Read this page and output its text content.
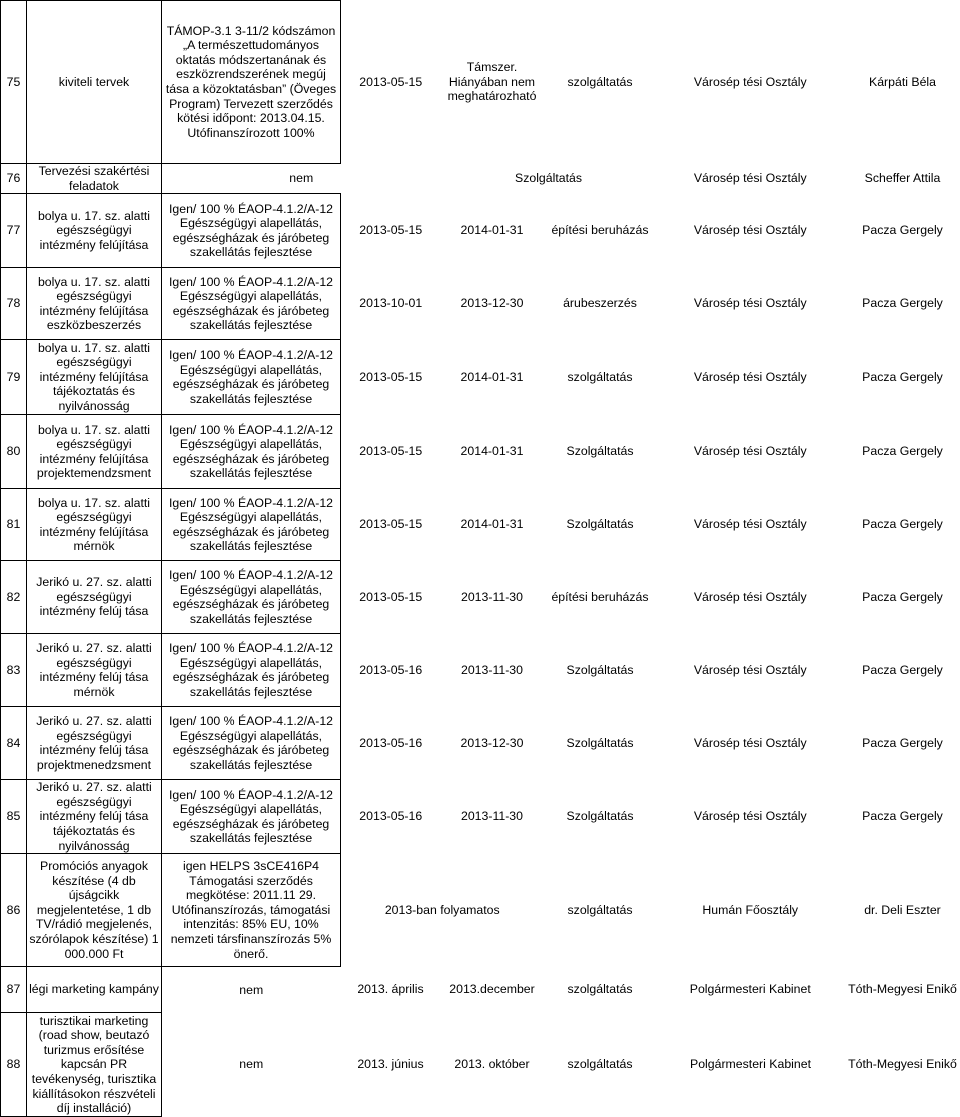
75	kiviteli tervek	TÁMOP-3.1 3-11/2 kódszámon „A természettudományos oktatás módszertanának és eszközrendszerének megúj tása a közoktatásban” (Öveges Program) Tervezett szerződés kötési időpont: 2013.04.15. Utófinanszírozott 100%	2013-05-15	Támszer. Hiányában nem meghatározható	szolgáltatás	Városép tési Osztály	Kárpáti Béla
76	Tervezési szakértési feladatok	nem		Szolgáltatás		Városép tési Osztály	Scheffer Attila
77	bolya u. 17. sz. alatti egészségügyi intézmény felújítása	Igen/ 100 % ÉAOP-4.1.2/A-12 Egészségügyi alapellátás, egészségházak és járóbeteg szakellátás fejlesztése	2013-05-15	2014-01-31	építési beruházás	Városép tési Osztály	Pacza Gergely
78	bolya u. 17. sz. alatti egészségügyi intézmény felújítása eszközbeszerzés	Igen/ 100 % ÉAOP-4.1.2/A-12 Egészségügyi alapellátás, egészségházak és járóbeteg szakellátás fejlesztése	2013-10-01	2013-12-30	árubeszerzés	Városép tési Osztály	Pacza Gergely
79	bolya u. 17. sz. alatti egészségügyi intézmény felújítása tájékoztatás és nyilvánosság	Igen/ 100 % ÉAOP-4.1.2/A-12 Egészségügyi alapellátás, egészségházak és járóbeteg szakellátás fejlesztése	2013-05-15	2014-01-31	szolgáltatás	Városép tési Osztály	Pacza Gergely
80	bolya u. 17. sz. alatti egészségügyi intézmény felújítása projektemendzsment	Igen/ 100 % ÉAOP-4.1.2/A-12 Egészségügyi alapellátás, egészségházak és járóbeteg szakellátás fejlesztése	2013-05-15	2014-01-31	Szolgáltatás	Városép tési Osztály	Pacza Gergely
81	bolya u. 17. sz. alatti egészségügyi intézmény felújítása mérnök	Igen/ 100 % ÉAOP-4.1.2/A-12 Egészségügyi alapellátás, egészségházak és járóbeteg szakellátás fejlesztése	2013-05-15	2014-01-31	Szolgáltatás	Városép tési Osztály	Pacza Gergely
82	Jerikó u. 27. sz. alatti egészségügyi intézmény felúj tása	Igen/ 100 % ÉAOP-4.1.2/A-12 Egészségügyi alapellátás, egészségházak és járóbeteg szakellátás fejlesztése	2013-05-15	2013-11-30	építési beruházás	Városép tési Osztály	Pacza Gergely
83	Jerikó u. 27. sz. alatti egészségügyi intézmény felúj tása mérnök	Igen/ 100 % ÉAOP-4.1.2/A-12 Egészségügyi alapellátás, egészségházak és járóbeteg szakellátás fejlesztése	2013-05-16	2013-11-30	Szolgáltatás	Városép tési Osztály	Pacza Gergely
84	Jerikó u. 27. sz. alatti egészségügyi intézmény felúj tása projektmenedzsment	Igen/ 100 % ÉAOP-4.1.2/A-12 Egészségügyi alapellátás, egészségházak és járóbeteg szakellátás fejlesztése	2013-05-16	2013-12-30	Szolgáltatás	Városép tési Osztály	Pacza Gergely
85	Jerikó u. 27. sz. alatti egészségügyi intézmény felúj tása tájékoztatás és nyilvánosság	Igen/ 100 % ÉAOP-4.1.2/A-12 Egészségügyi alapellátás, egészségházak és járóbeteg szakellátás fejlesztése	2013-05-16	2013-11-30	Szolgáltatás	Városép tési Osztály	Pacza Gergely
86	Promóciós anyagok készítése (4 db újságcikk megjelentetése, 1 db TV/rádió megjelenés, szórólapok készítése) 1 000.000 Ft	igen HELPS 3sCE416P4 Támogatási szerződés megkötése: 2011.11 29. Utófinanszírozás, támogatási intenzitás: 85% EU, 10% nemzeti társfinanszírozás 5% önerő.	2013-ban folyamatos		szolgáltatás	Humán Főosztály	dr. Deli Eszter
87	légi marketing kampány	nem	2013. április	2013.december	szolgáltatás	Polgármesteri Kabinet	Tóth-Megyesi Enikő
88	turisztikai marketing (road show, beutazó turizmus erősítése kapcsán PR tevékenység, turisztika kiállításokon részvételi díj installáció)	nem	2013. június	2013. október	szolgáltatás	Polgármesteri Kabinet	Tóth-Megyesi Enikő
